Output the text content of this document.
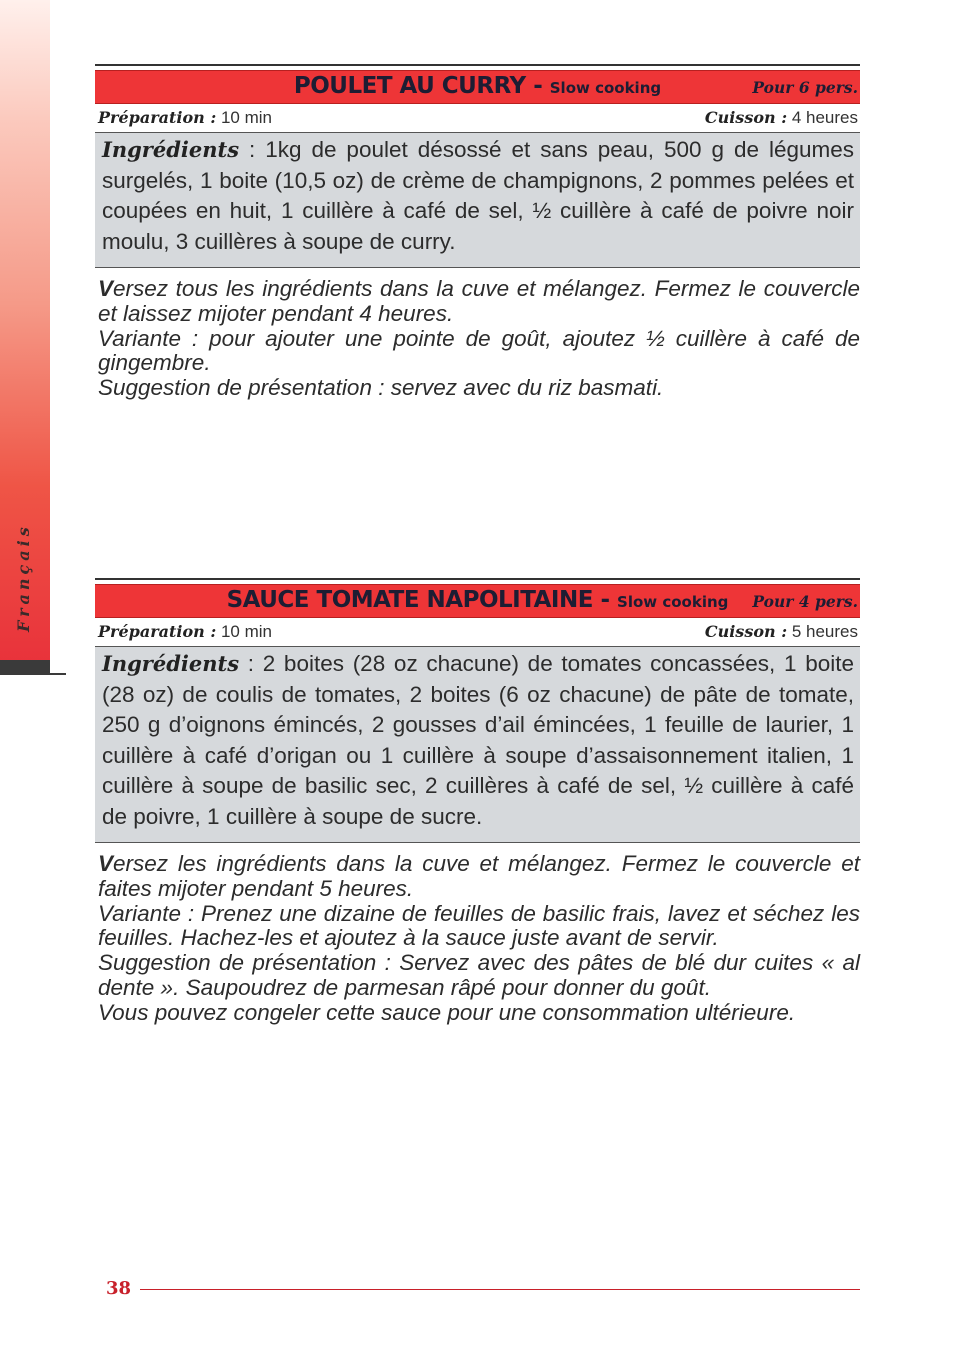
Français
POULET AU CURRY - Slow cooking	Pour 6 pers.
Préparation : 10 min	Cuisson : 4 heures
Ingrédients : 1kg de poulet désossé et sans peau, 500 g de légumes surgelés, 1 boite (10,5 oz) de crème de champignons, 2 pommes pelées et coupées en huit, 1 cuillère à café de sel, ½ cuillère à café de poivre noir moulu, 3 cuillères à soupe de curry.

Versez tous les ingrédients dans la cuve et mélangez. Fermez le couvercle et laissez mijoter pendant 4 heures.

Variante : pour ajouter une pointe de goût, ajoutez ½ cuillère à café de gingembre.

Suggestion de présentation : servez avec du riz basmati.

SAUCE TOMATE NAPOLITAINE - Slow cooking	Pour 4 pers.
Préparation : 10 min	Cuisson : 5 heures
Ingrédients : 2 boites (28 oz chacune) de tomates concassées, 1 boite (28 oz) de coulis de tomates, 2 boites (6 oz chacune) de pâte de tomate, 250 g d’oignons émincés, 2 gousses d’ail émincées, 1 feuille de laurier, 1 cuillère à café d’origan ou 1 cuillère à soupe d’assaisonnement italien, 1 cuillère à soupe de basilic sec, 2 cuillères à café de sel, ½ cuillère à café de poivre, 1 cuillère à soupe de sucre.

Versez les ingrédients dans la cuve et mélangez. Fermez le couvercle et faites mijoter pendant 5 heures.

Variante : Prenez une dizaine de feuilles de basilic frais, lavez et séchez les feuilles. Hachez-les et ajoutez à la sauce juste avant de servir.

Suggestion de présentation : Servez avec des pâtes de blé dur cuites « al dente ». Saupoudrez de parmesan râpé pour donner du goût.

Vous pouvez congeler cette sauce pour une consommation ultérieure.

38
